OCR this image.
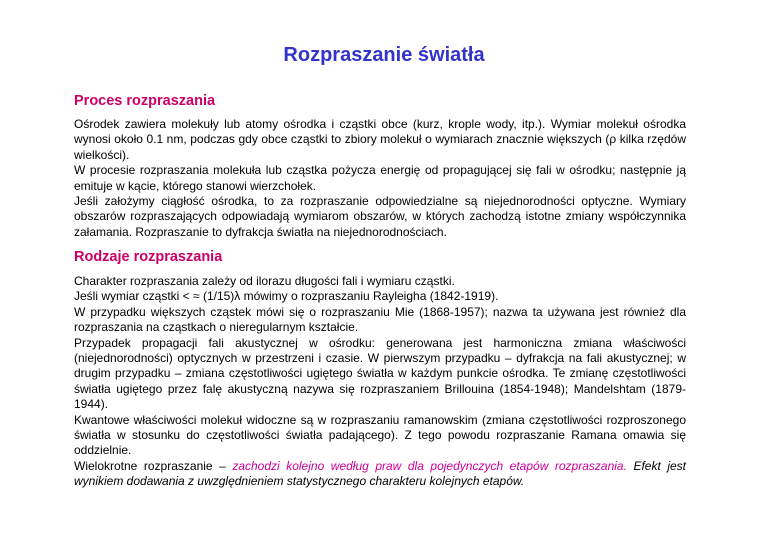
Rozpraszanie światła
Proces rozpraszania

Ośrodek zawiera molekuły lub atomy ośrodka i cząstki obce (kurz, krople wody, itp.). Wymiar molekuł ośrodka wynosi około 0.1 nm, podczas gdy obce cząstki to zbiory molekuł o wymiarach znacznie większych (ρ kilka rzędów wielkości).

W procesie rozpraszania molekuła lub cząstka pożycza energię od propagującej się fali w ośrodku; następnie ją emituje w kącie, którego stanowi wierzchołek.

Jeśli założymy ciągłość ośrodka, to za rozpraszanie odpowiedzialne są niejednorodności optyczne. Wymiary obszarów rozpraszających odpowiadają wymiarom obszarów, w których zachodzą istotne zmiany współczynnika załamania. Rozpraszanie to dyfrakcja światła na niejednorodnościach.

Rodzaje rozpraszania

Charakter rozpraszania zależy od ilorazu długości fali i wymiaru cząstki.

Jeśli wymiar cząstki < ≈ (1/15)λ mówimy o rozpraszaniu Rayleigha (1842-1919).

W przypadku większych cząstek mówi się o rozpraszaniu Mie (1868-1957); nazwa ta używana jest również dla rozpraszania na cząstkach o nieregularnym kształcie.

Przypadek propagacji fali akustycznej w ośrodku: generowana jest harmoniczna zmiana właściwości (niejednorodności) optycznych w przestrzeni i czasie. W pierwszym przypadku – dyfrakcja na fali akustycznej; w drugim przypadku – zmiana częstotliwości ugiętego światła w każdym punkcie ośrodka. Te zmianę częstotliwości światła ugiętego przez falę akustyczną nazywa się rozpraszaniem Brillouina (1854-1948); Mandelshtam (1879-1944).

Kwantowe właściwości molekuł widoczne są w rozpraszaniu ramanowskim (zmiana częstotliwości rozproszonego światła w stosunku do częstotliwości światła padającego). Z tego powodu rozpraszanie Ramana omawia się oddzielnie.

Wielokrotne rozpraszanie – zachodzi kolejno według praw dla pojedynczych etapów rozpraszania. Efekt jest wynikiem dodawania z uwzględnieniem statystycznego charakteru kolejnych etapów.
